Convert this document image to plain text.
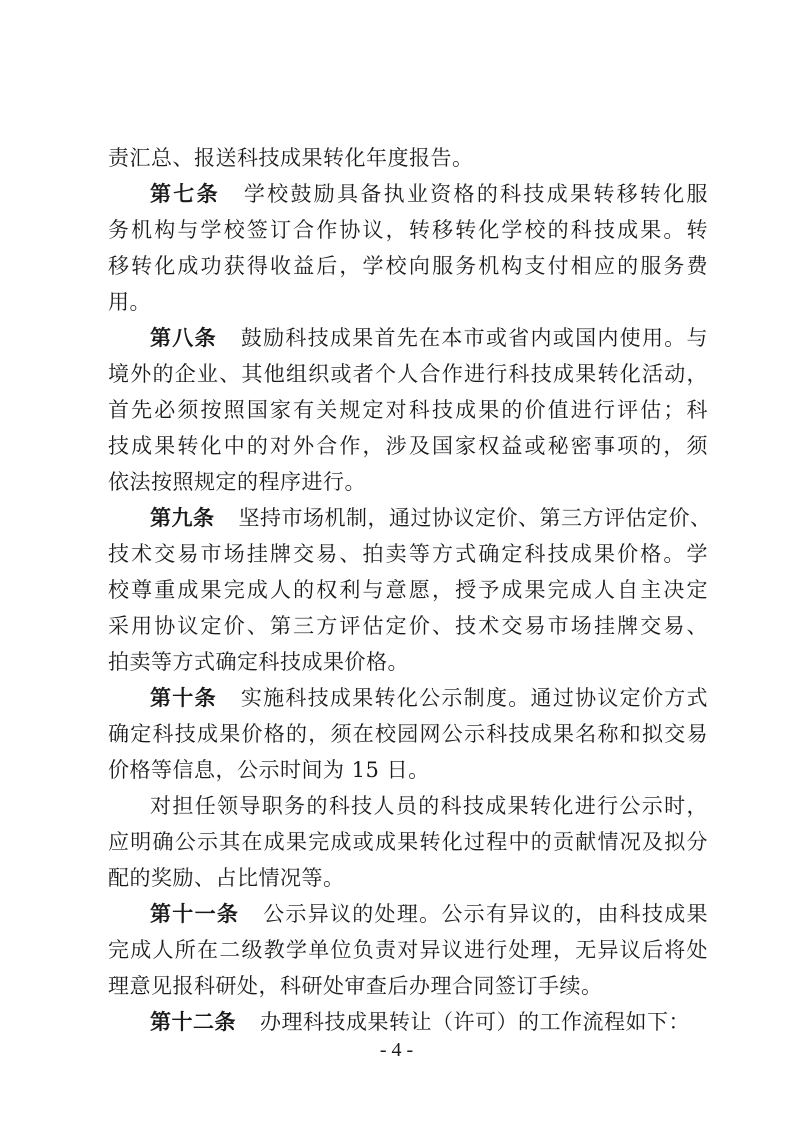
责汇总、报送科技成果转化年度报告。
第七条 学校鼓励具备执业资格的科技成果转移转化服
务机构与学校签订合作协议，转移转化学校的科技成果。转
移转化成功获得收益后，学校向服务机构支付相应的服务费
用。
第八条 鼓励科技成果首先在本市或省内或国内使用。与
境外的企业、其他组织或者个人合作进行科技成果转化活动，
首先必须按照国家有关规定对科技成果的价值进行评估；科
技成果转化中的对外合作，涉及国家权益或秘密事项的，须
依法按照规定的程序进行。
第九条 坚持市场机制，通过协议定价、第三方评估定价、
技术交易市场挂牌交易、拍卖等方式确定科技成果价格。学
校尊重成果完成人的权利与意愿，授予成果完成人自主决定
采用协议定价、第三方评估定价、技术交易市场挂牌交易、
拍卖等方式确定科技成果价格。
第十条 实施科技成果转化公示制度。通过协议定价方式
确定科技成果价格的，须在校园网公示科技成果名称和拟交易
价格等信息，公示时间为 15 日。
对担任领导职务的科技人员的科技成果转化进行公示时，
应明确公示其在成果完成或成果转化过程中的贡献情况及拟分
配的奖励、占比情况等。
第十一条 公示异议的处理。公示有异议的，由科技成果
完成人所在二级教学单位负责对异议进行处理，无异议后将处
理意见报科研处，科研处审查后办理合同签订手续。
第十二条 办理科技成果转让（许可）的工作流程如下：
- 4 -
